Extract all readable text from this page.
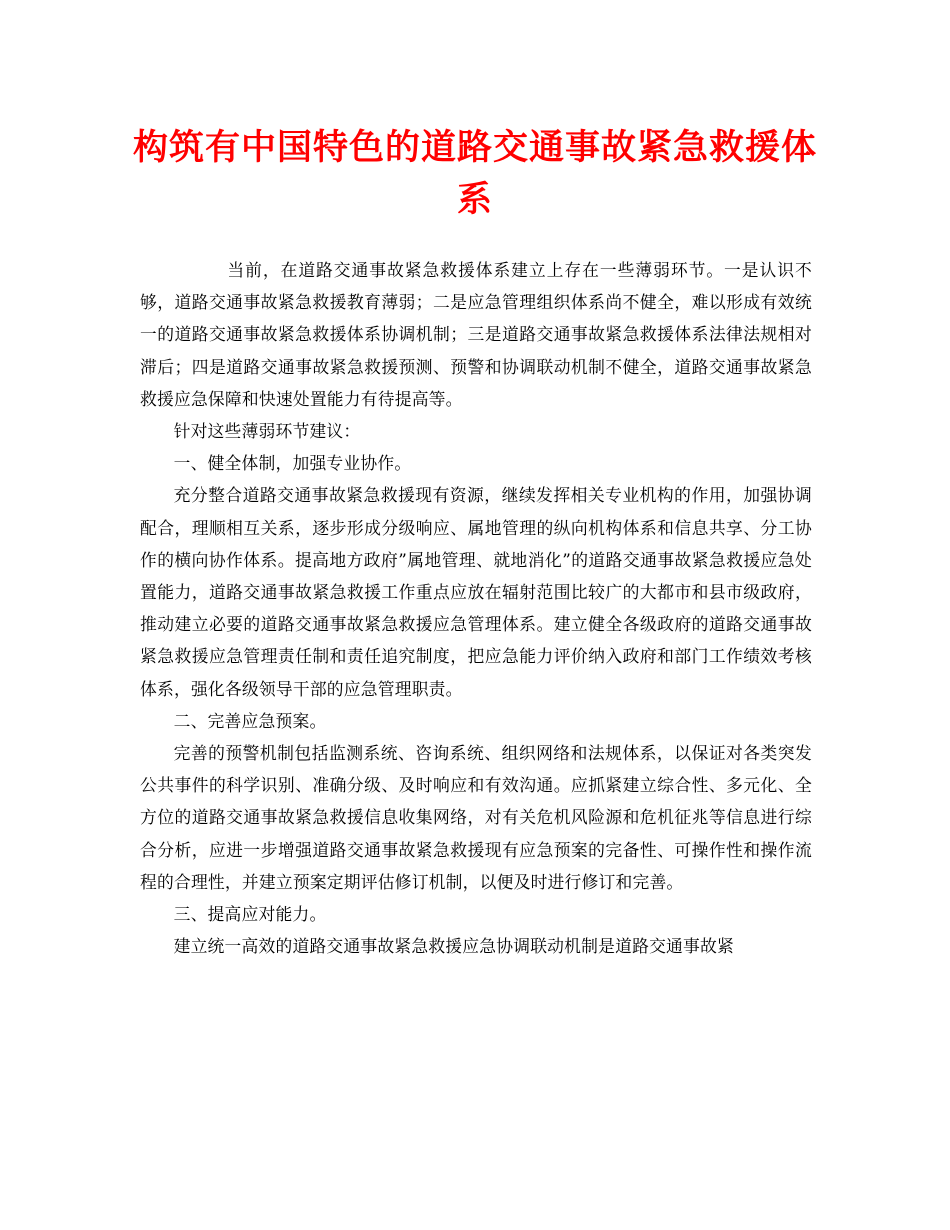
构筑有中国特色的道路交通事故紧急救援体系

当前，在道路交通事故紧急救援体系建立上存在一些薄弱环节。一是认识不够，道路交通事故紧急救援教育薄弱；二是应急管理组织体系尚不健全，难以形成有效统一的道路交通事故紧急救援体系协调机制；三是道路交通事故紧急救援体系法律法规相对滞后；四是道路交通事故紧急救援预测、预警和协调联动机制不健全，道路交通事故紧急救援应急保障和快速处置能力有待提高等。

针对这些薄弱环节建议：

一、健全体制，加强专业协作。

充分整合道路交通事故紧急救援现有资源，继续发挥相关专业机构的作用，加强协调配合，理顺相互关系，逐步形成分级响应、属地管理的纵向机构体系和信息共享、分工协作的横向协作体系。提高地方政府”属地管理、就地消化”的道路交通事故紧急救援应急处置能力，道路交通事故紧急救援工作重点应放在辐射范围比较广的大都市和县市级政府，推动建立必要的道路交通事故紧急救援应急管理体系。建立健全各级政府的道路交通事故紧急救援应急管理责任制和责任追究制度，把应急能力评价纳入政府和部门工作绩效考核体系，强化各级领导干部的应急管理职责。

二、完善应急预案。

完善的预警机制包括监测系统、咨询系统、组织网络和法规体系，以保证对各类突发公共事件的科学识别、准确分级、及时响应和有效沟通。应抓紧建立综合性、多元化、全方位的道路交通事故紧急救援信息收集网络，对有关危机风险源和危机征兆等信息进行综合分析，应进一步增强道路交通事故紧急救援现有应急预案的完备性、可操作性和操作流程的合理性，并建立预案定期评估修订机制，以便及时进行修订和完善。

三、提高应对能力。

建立统一高效的道路交通事故紧急救援应急协调联动机制是道路交通事故紧
